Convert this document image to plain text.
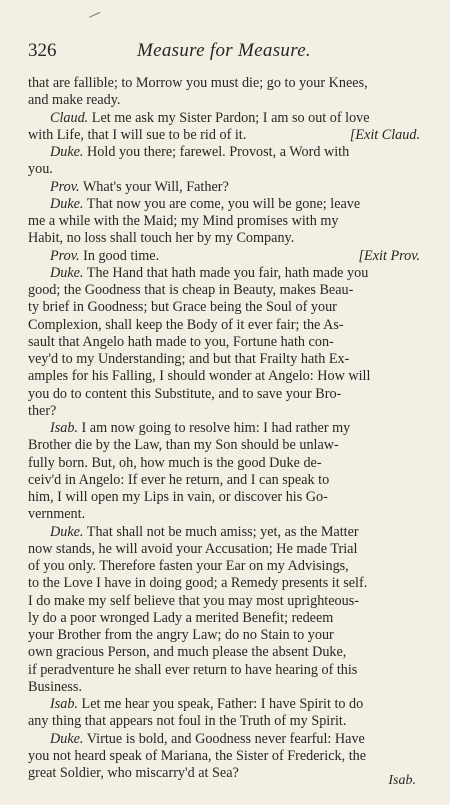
326	Measure for Measure.

that are fallible; to Morrow you must die; go to your Knees,

and make ready.

Claud. Let me ask my Sister Pardon; I am so out of love

[Exit Claud.
with Life, that I will sue to be rid of it.

Duke. Hold you there; farewel. Provost, a Word with

you.

Prov. What's your Will, Father?

Duke. That now you are come, you will be gone; leave

me a while with the Maid; my Mind promises with my

Habit, no loss shall touch her by my Company.

[Exit Prov.
Prov. In good time.

Duke. The Hand that hath made you fair, hath made you

good; the Goodness that is cheap in Beauty, makes Beau-

ty brief in Goodness; but Grace being the Soul of your

Complexion, shall keep the Body of it ever fair; the As-

sault that Angelo hath made to you, Fortune hath con-

vey'd to my Understanding; and but that Frailty hath Ex-

amples for his Falling, I should wonder at Angelo: How will

you do to content this Substitute, and to save your Bro-

ther?

Isab. I am now going to resolve him: I had rather my

Brother die by the Law, than my Son should be unlaw-

fully born. But, oh, how much is the good Duke de-

ceiv'd in Angelo: If ever he return, and I can speak to

him, I will open my Lips in vain, or discover his Go-

vernment.

Duke. That shall not be much amiss; yet, as the Matter

now stands, he will avoid your Accusation; He made Trial

of you only. Therefore fasten your Ear on my Advisings,

to the Love I have in doing good; a Remedy presents it self.

I do make my self believe that you may most uprighteous-

ly do a poor wronged Lady a merited Benefit; redeem

your Brother from the angry Law; do no Stain to your

own gracious Person, and much please the absent Duke,

if peradventure he shall ever return to have hearing of this

Business.

Isab. Let me hear you speak, Father: I have Spirit to do

any thing that appears not foul in the Truth of my Spirit.

Duke. Virtue is bold, and Goodness never fearful: Have

you not heard speak of Mariana, the Sister of Frederick, the

great Soldier, who miscarry'd at Sea?	Isab.
